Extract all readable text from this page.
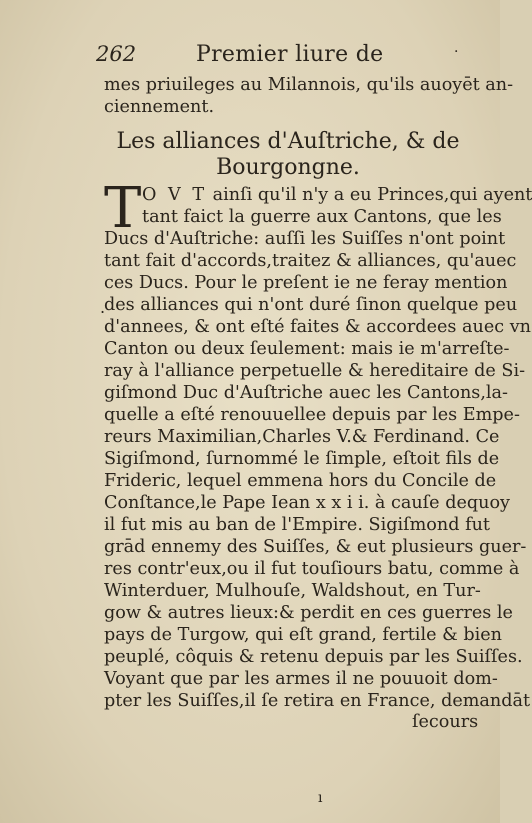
262	Premier liure de	·
mes priuileges au Milannois, qu'ils auoyēt an-
ciennement.
Les alliances d'Auſtriche, & de
Bourgongne.
T O V T ainſi qu'il n'y a eu Princes,qui ayent
tant faict la guerre aux Cantons, que les
Ducs d'Auſtriche: auſſi les Suiſſes n'ont point
tant fait d'accords,traitez & alliances, qu'auec
ces Ducs. Pour le preſent ie ne feray mention
des alliances qui n'ont duré ſinon quelque peu
d'annees, & ont eſté faites & accordees auec vn
Canton ou deux ſeulement: mais ie m'arreſte-
ray à l'alliance perpetuelle & hereditaire de Si-
giſmond Duc d'Auſtriche auec les Cantons,la-
quelle a eſté renouuellee depuis par les Empe-
reurs Maximilian,Charles V.& Ferdinand. Ce
Sigiſmond, ſurnommé le ſimple, eſtoit fils de
Frideric, lequel emmena hors du Concile de
Conſtance,le Pape Iean x x i i. à cauſe dequoy
il fut mis au ban de l'Empire. Sigiſmond fut
grād ennemy des Suiſſes, & eut plusieurs guer-
res contr'eux,ou il fut touſiours batu, comme à
Winterduer, Mulhouſe, Waldshout, en Tur-
gow & autres lieux:& perdit en ces guerres le
pays de Turgow, qui eſt grand, fertile & bien
peuplé, côquis & retenu depuis par les Suiſſes.
Voyant que par les armes il ne pouuoit dom-
pter les Suiſſes,il ſe retira en France, demandāt
ſecours
.
ı
